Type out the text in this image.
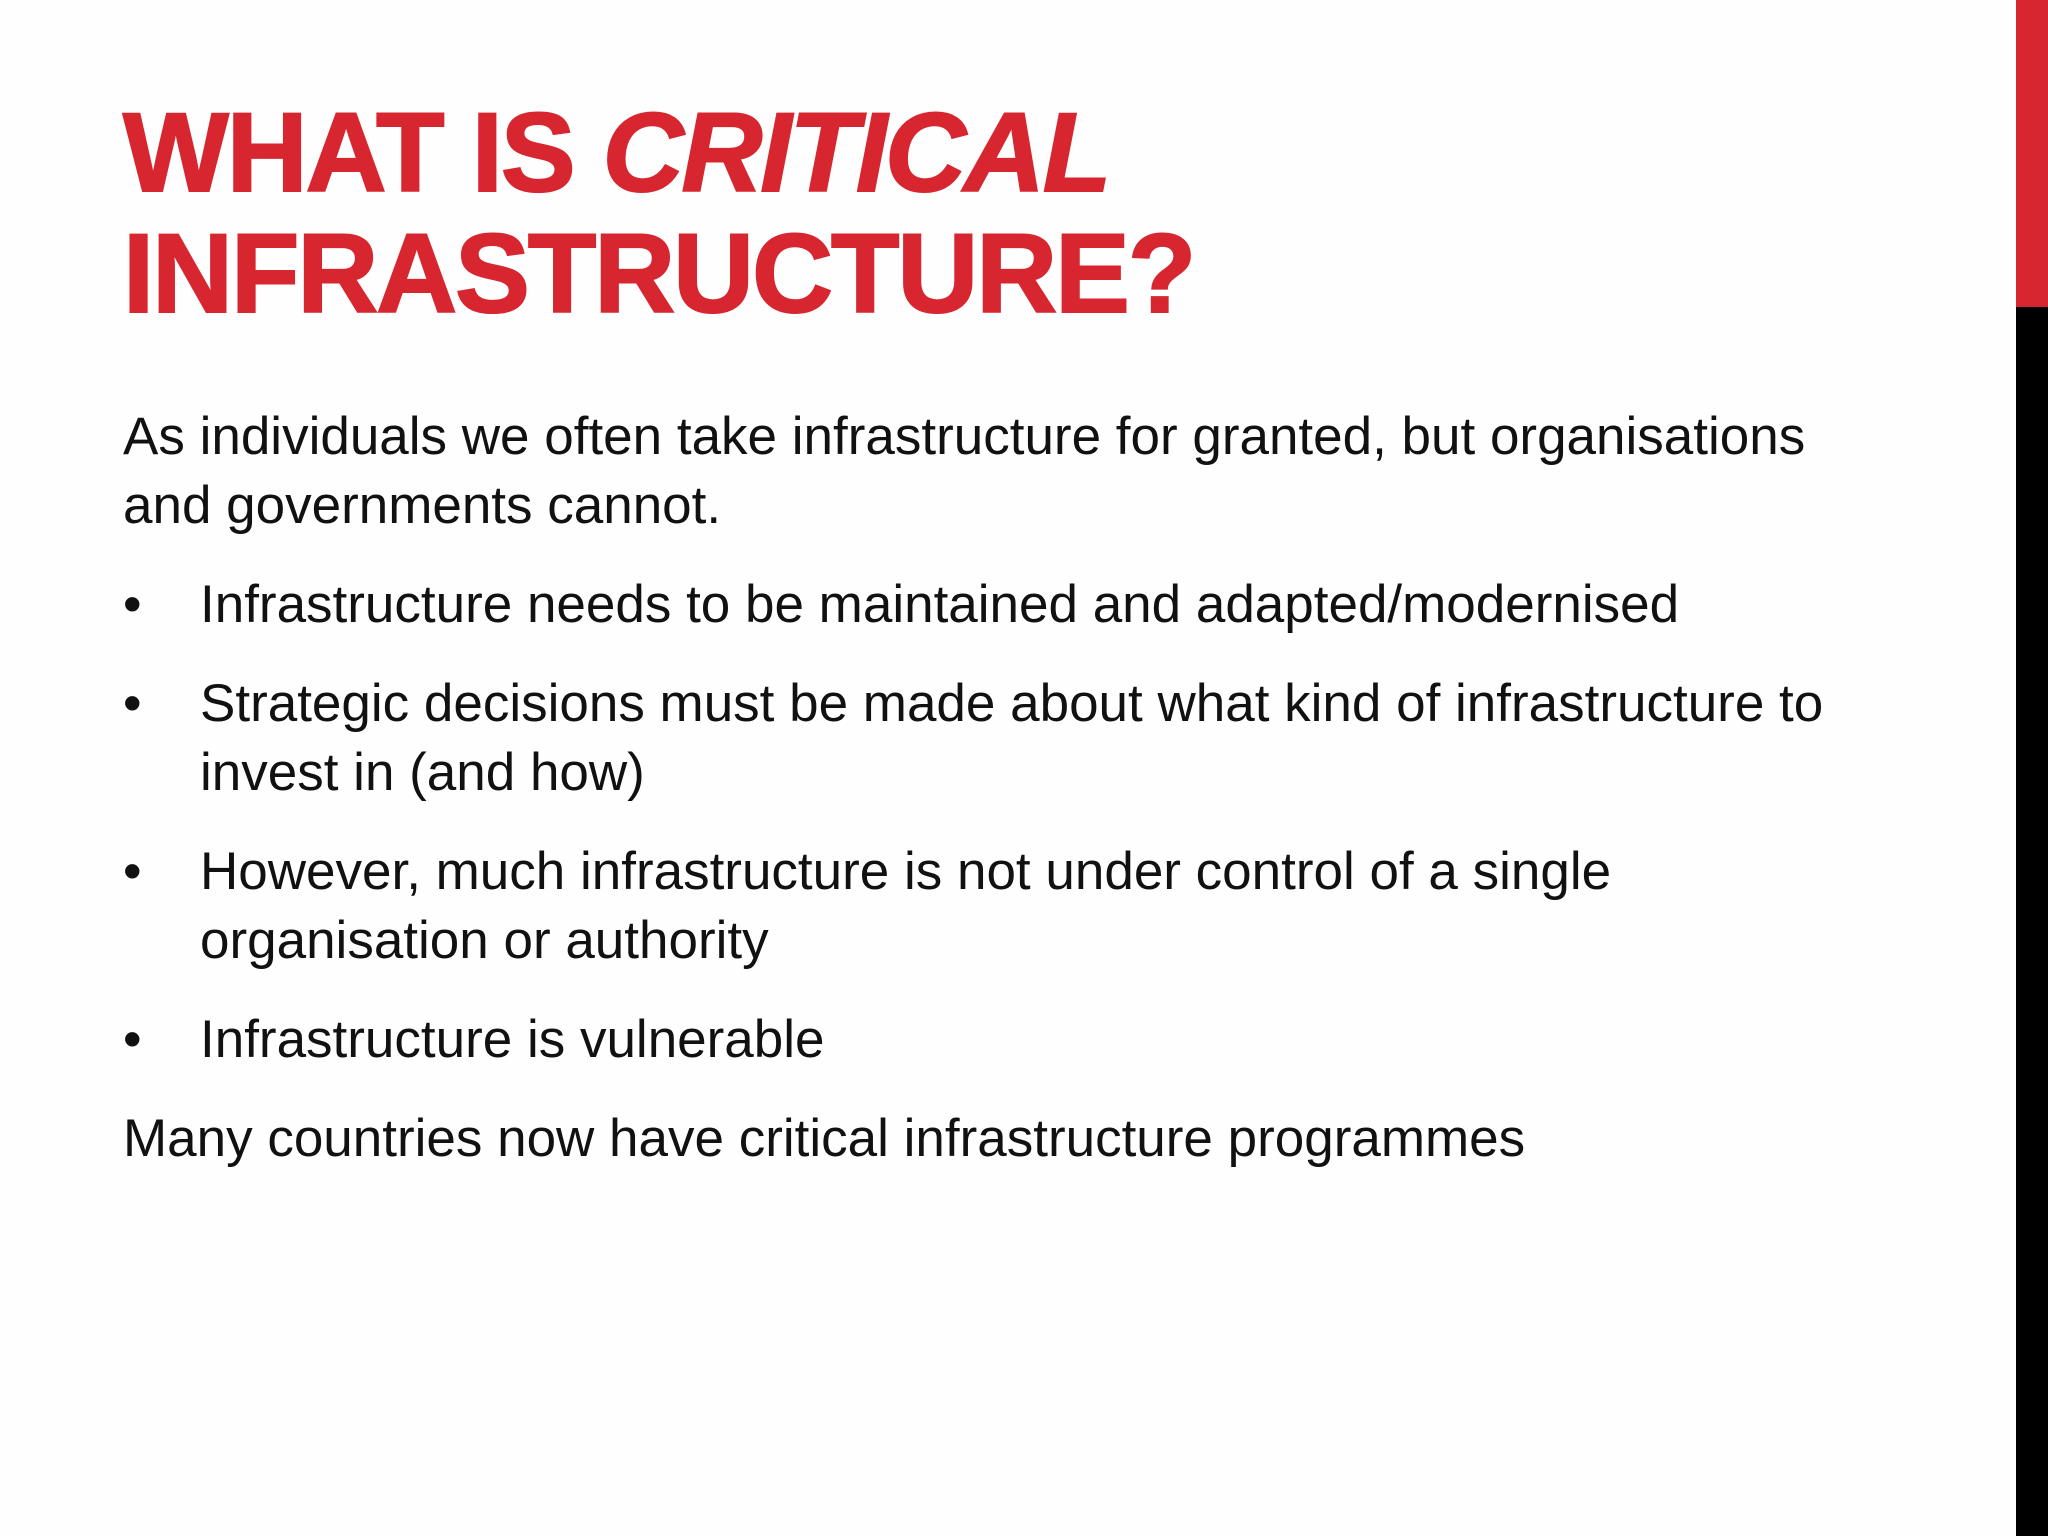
WHAT IS CRITICAL
INFRASTRUCTURE?

As individuals we often take infrastructure for granted, but organisations and governments cannot.

• Infrastructure needs to be maintained and adapted/modernised
• Strategic decisions must be made about what kind of infrastructure to invest in (and how)
• However, much infrastructure is not under control of a single organisation or authority
• Infrastructure is vulnerable

Many countries now have critical infrastructure programmes
